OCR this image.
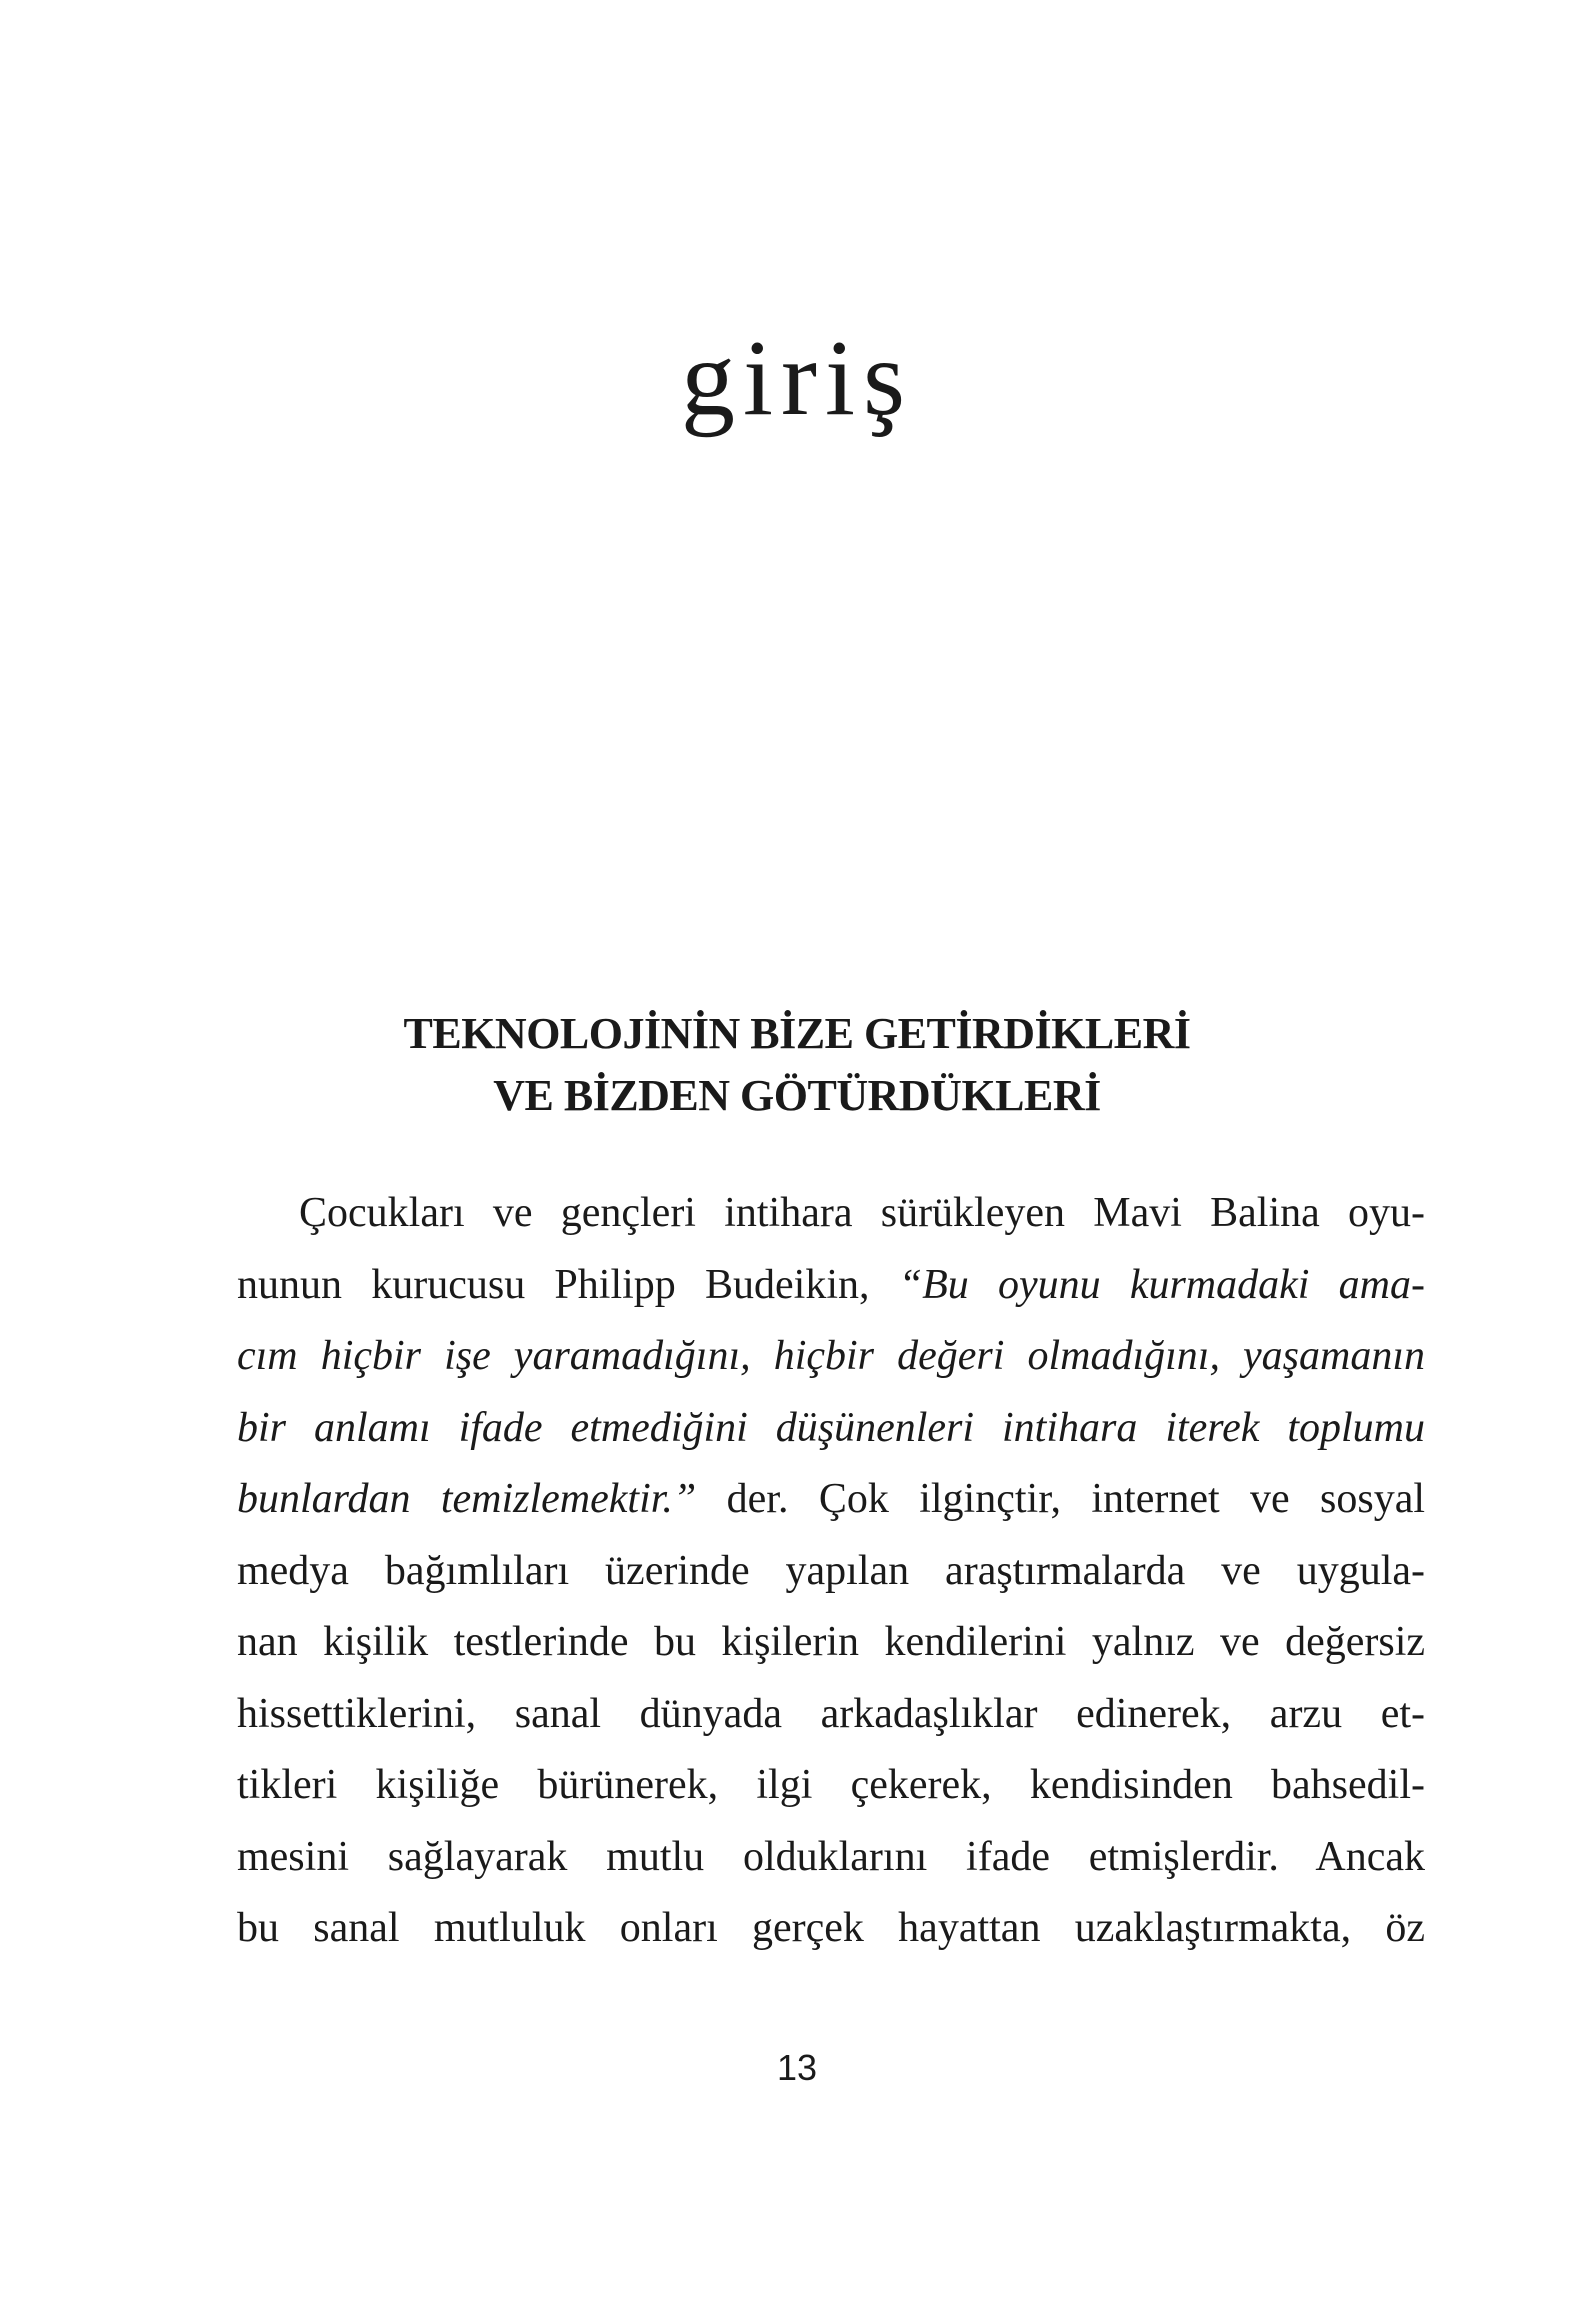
giriş
TEKNOLOJİNİN BİZE GETİRDİKLERİ
VE BİZDEN GÖTÜRDÜKLERİ
Çocukları ve gençleri intihara sürükleyen Mavi Balina oyu-
nunun kurucusu Philipp Budeikin, “Bu oyunu kurmadaki ama-
cım hiçbir işe yaramadığını, hiçbir değeri olmadığını, yaşamanın
bir anlamı ifade etmediğini düşünenleri intihara iterek toplumu
bunlardan temizlemektir.” der. Çok ilginçtir, internet ve sosyal
medya bağımlıları üzerinde yapılan araştırmalarda ve uygula-
nan kişilik testlerinde bu kişilerin kendilerini yalnız ve değersiz
hissettiklerini, sanal dünyada arkadaşlıklar edinerek, arzu et-
tikleri kişiliğe bürünerek, ilgi çekerek, kendisinden bahsedil-
mesini sağlayarak mutlu olduklarını ifade etmişlerdir. Ancak
bu sanal mutluluk onları gerçek hayattan uzaklaştırmakta, öz

13
